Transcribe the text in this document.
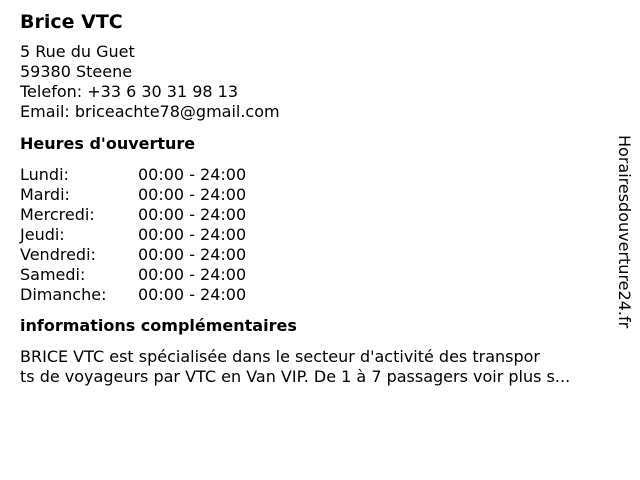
Brice VTC
5 Rue du Guet
59380 Steene
Telefon: +33 6 30 31 98 13
Email: briceachte78@gmail.com
Heures d'ouverture
Lundi:	00:00 - 24:00
Mardi:	00:00 - 24:00
Mercredi:	00:00 - 24:00
Jeudi:	00:00 - 24:00
Vendredi:	00:00 - 24:00
Samedi:	00:00 - 24:00
Dimanche:	00:00 - 24:00
informations complémentaires
BRICE VTC est spécialisée dans le secteur d'activité des transpor
ts de voyageurs par VTC en Van VIP. De 1 à 7 passagers voir plus s...
Horairesdouverture24.fr
